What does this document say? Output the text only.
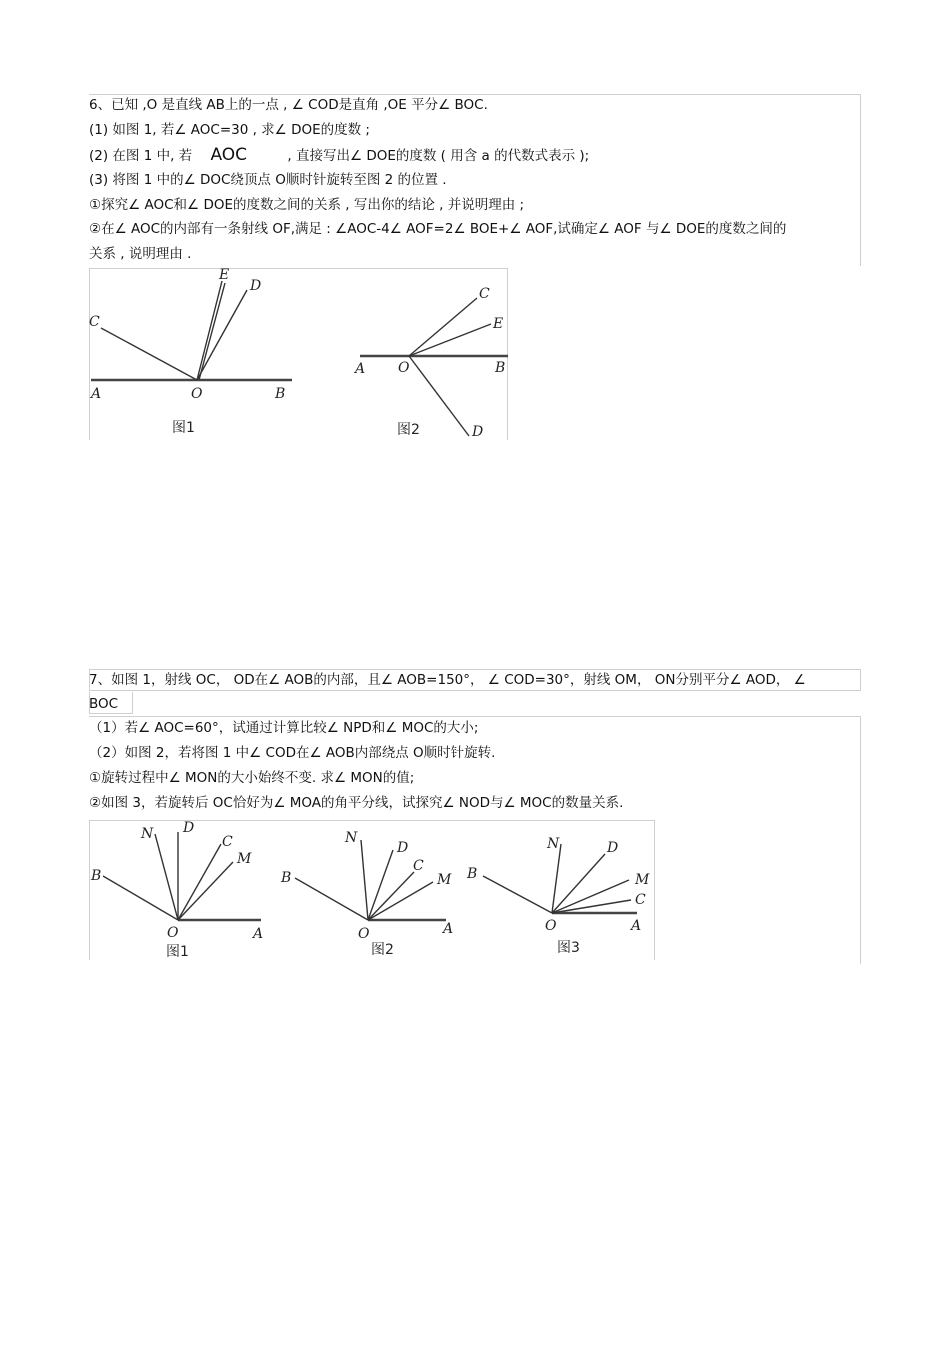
6、已知 ,O 是直线 AB上的一点 , ∠ COD是直角 ,OE 平分∠ BOC.
(1) 如图 1, 若∠ AOC=30 , 求∠ DOE的度数 ;
(2) 在图 1 中, 若 AOC	, 直接写出∠ DOE的度数 ( 用含 a 的代数式表示 );
(3) 将图 1 中的∠ DOC绕顶点 O顺时针旋转至图 2 的位置 .
①探究∠ AOC和∠ DOE的度数之间的关系 , 写出你的结论 , 并说明理由 ;
②在∠ AOC的内部有一条射线 OF,满足 : ∠AOC-4∠ AOF=2∠ BOE+∠ AOF,试确定∠ AOF 与∠ DOE的度数之间的
关系 , 说明理由 .
C
E
D
A	O	B
图1
C
E
A O	B
D
图2
7、如图 1，射线 OC， OD在∠ AOB的内部，且∠ AOB=150°， ∠ COD=30°，射线 OM， ON分别平分∠ AOD， ∠
BOC
（1）若∠ AOC=60°，试通过计算比较∠ NPD和∠ MOC的大小;
（2）如图 2，若将图 1 中∠ COD在∠ AOB内部绕点 O顺时针旋转.
①旋转过程中∠ MON的大小始终不变. 求∠ MON的值;
②如图 3，若旋转后 OC恰好为∠ MOA的角平分线，试探究∠ NOD与∠ MOC的数量关系.
N D
C
M
B
O	A
图1
N
D
C
M
B
O	A
图2
N	D
M
C
B
O	A
图3
